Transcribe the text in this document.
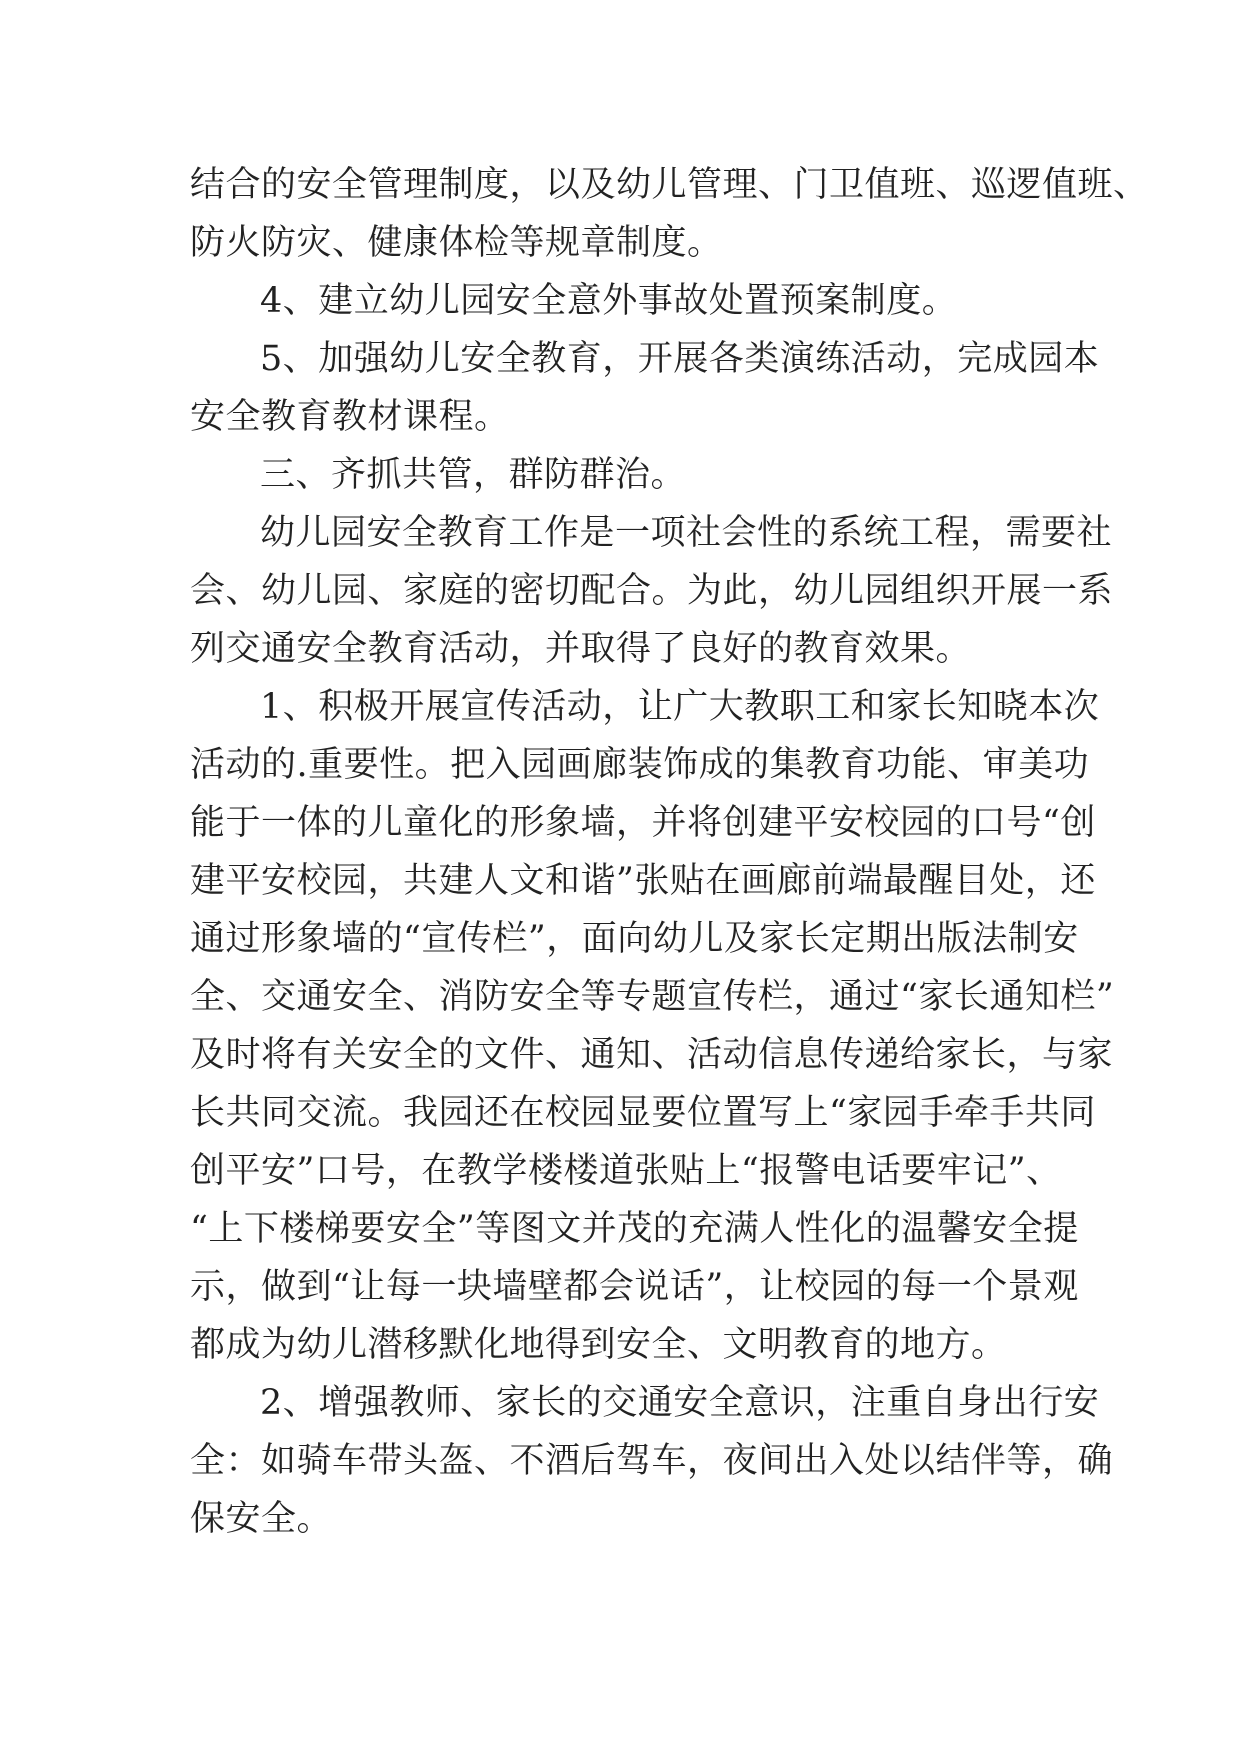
结合的安全管理制度，以及幼儿管理、门卫值班、巡逻值班、
防火防灾、健康体检等规章制度。
4、建立幼儿园安全意外事故处置预案制度。
5、加强幼儿安全教育，开展各类演练活动，完成园本
安全教育教材课程。
三、齐抓共管，群防群治。
幼儿园安全教育工作是一项社会性的系统工程，需要社
会、幼儿园、家庭的密切配合。为此，幼儿园组织开展一系
列交通安全教育活动，并取得了良好的教育效果。
1、积极开展宣传活动，让广大教职工和家长知晓本次
活动的.重要性。把入园画廊装饰成的集教育功能、审美功
能于一体的儿童化的形象墙，并将创建平安校园的口号“创
建平安校园，共建人文和谐”张贴在画廊前端最醒目处，还
通过形象墙的“宣传栏”，面向幼儿及家长定期出版法制安
全、交通安全、消防安全等专题宣传栏，通过“家长通知栏”
及时将有关安全的文件、通知、活动信息传递给家长，与家
长共同交流。我园还在校园显要位置写上“家园手牵手共同
创平安”口号，在教学楼楼道张贴上“报警电话要牢记”、
“上下楼梯要安全”等图文并茂的充满人性化的温馨安全提
示，做到“让每一块墙壁都会说话”，让校园的每一个景观
都成为幼儿潜移默化地得到安全、文明教育的地方。
2、增强教师、家长的交通安全意识，注重自身出行安
全：如骑车带头盔、不酒后驾车，夜间出入处以结伴等，确
保安全。
